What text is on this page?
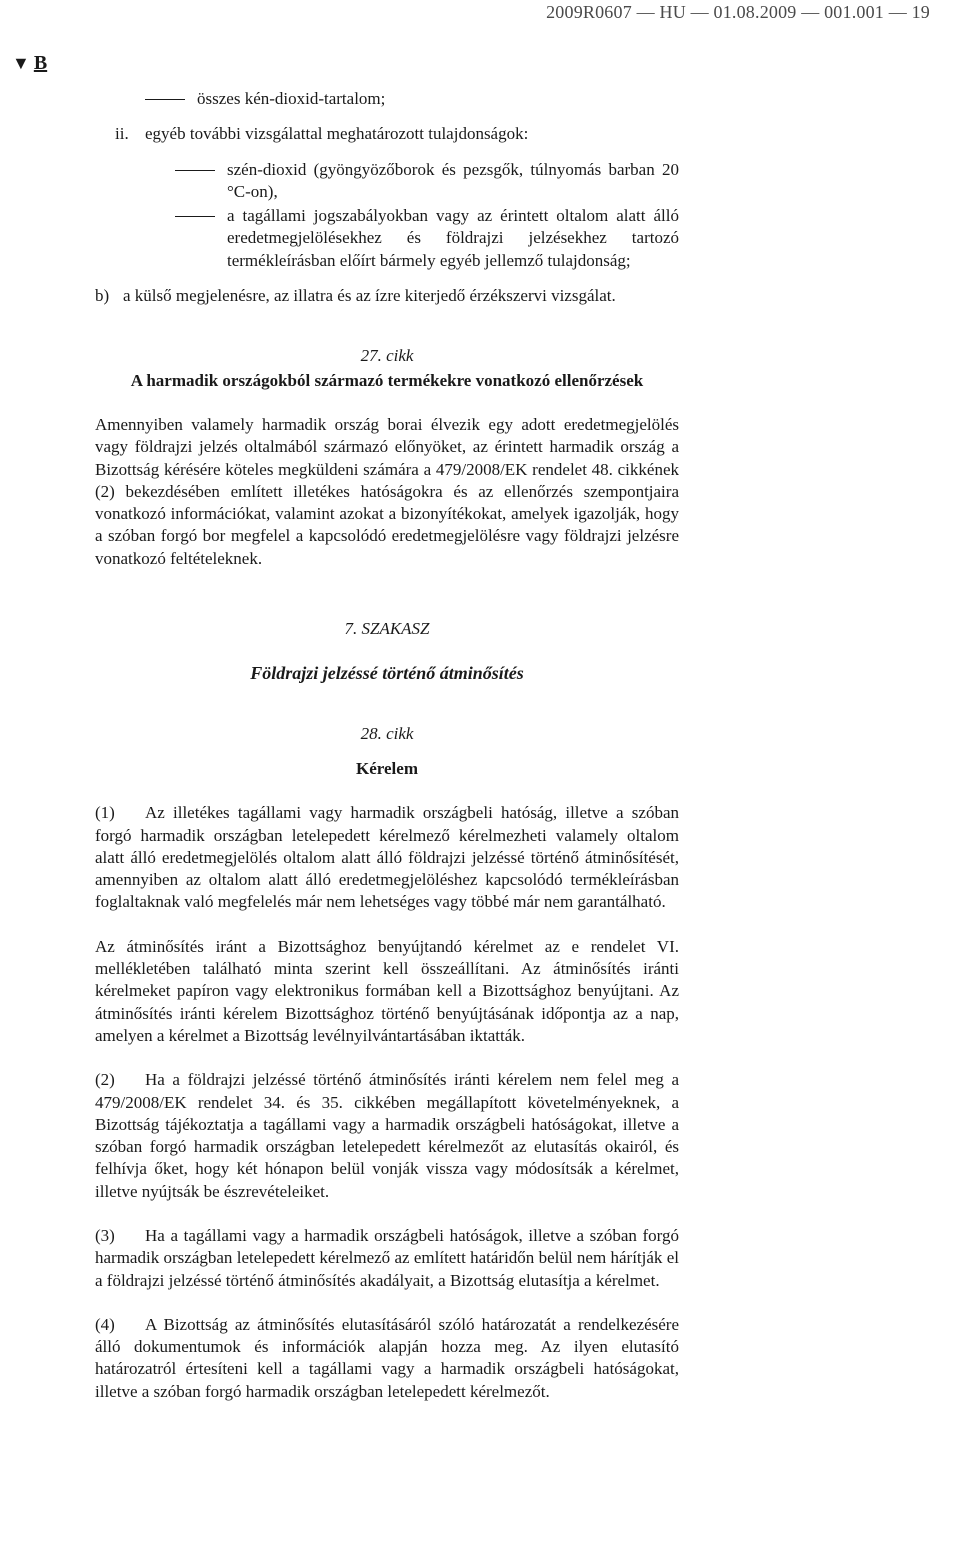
2009R0607 — HU — 01.08.2009 — 001.001 — 19
▼ B

összes kén-dioxid-tartalom;

ii. egyéb további vizsgálattal meghatározott tulajdonságok:

szén-dioxid (gyöngyözőborok és pezsgők, túlnyomás barban 20 °C-on),

a tagállami jogszabályokban vagy az érintett oltalom alatt álló eredetmegjelölésekhez és földrajzi jelzésekhez tartozó termékleírásban előírt bármely egyéb jellemző tulajdonság;

b) a külső megjelenésre, az illatra és az ízre kiterjedő érzékszervi vizsgálat.

27. cikk

A harmadik országokból származó termékekre vonatkozó ellenőrzések

Amennyiben valamely harmadik ország borai élvezik egy adott eredetmegjelölés vagy földrajzi jelzés oltalmából származó előnyöket, az érintett harmadik ország a Bizottság kérésére köteles megküldeni számára a 479/2008/EK rendelet 48. cikkének (2) bekezdésében említett illetékes hatóságokra és az ellenőrzés szempontjaira vonatkozó információkat, valamint azokat a bizonyítékokat, amelyek igazolják, hogy a szóban forgó bor megfelel a kapcsolódó eredetmegjelölésre vagy földrajzi jelzésre vonatkozó feltételeknek.

7. SZAKASZ

Földrajzi jelzéssé történő átminősítés

28. cikk

Kérelem

(1) Az illetékes tagállami vagy harmadik országbeli hatóság, illetve a szóban forgó harmadik országban letelepedett kérelmező kérelmezheti valamely oltalom alatt álló eredetmegjelölés oltalom alatt álló földrajzi jelzéssé történő átminősítését, amennyiben az oltalom alatt álló eredetmegjelöléshez kapcsolódó termékleírásban foglaltaknak való megfelelés már nem lehetséges vagy többé már nem garantálható.

Az átminősítés iránt a Bizottsághoz benyújtandó kérelmet az e rendelet VI. mellékletében található minta szerint kell összeállítani. Az átminősítés iránti kérelmeket papíron vagy elektronikus formában kell a Bizottsághoz benyújtani. Az átminősítés iránti kérelem Bizottsághoz történő benyújtásának időpontja az a nap, amelyen a kérelmet a Bizottság levélnyilvántartásában iktatták.

(2) Ha a földrajzi jelzéssé történő átminősítés iránti kérelem nem felel meg a 479/2008/EK rendelet 34. és 35. cikkében megállapított követelményeknek, a Bizottság tájékoztatja a tagállami vagy a harmadik országbeli hatóságokat, illetve a szóban forgó harmadik országban letelepedett kérelmezőt az elutasítás okairól, és felhívja őket, hogy két hónapon belül vonják vissza vagy módosítsák a kérelmet, illetve nyújtsák be észrevételeiket.

(3) Ha a tagállami vagy a harmadik országbeli hatóságok, illetve a szóban forgó harmadik országban letelepedett kérelmező az említett határidőn belül nem hárítják el a földrajzi jelzéssé történő átminősítés akadályait, a Bizottság elutasítja a kérelmet.

(4) A Bizottság az átminősítés elutasításáról szóló határozatát a rendelkezésére álló dokumentumok és információk alapján hozza meg. Az ilyen elutasító határozatról értesíteni kell a tagállami vagy a harmadik országbeli hatóságokat, illetve a szóban forgó harmadik országban letelepedett kérelmezőt.
